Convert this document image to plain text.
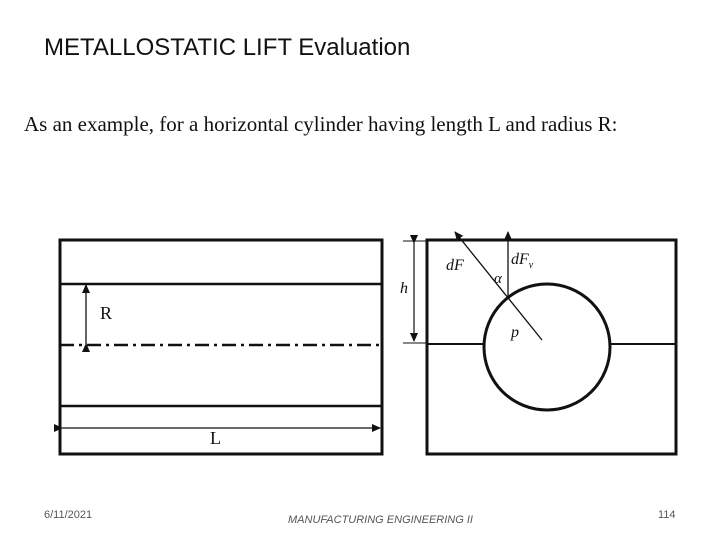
METALLOSTATIC LIFT Evaluation
As an example, for a horizontal cylinder having length L and radius R:
R
L
h
dF	$dF_v$
α
p
6/11/2021	MANUFACTURING ENGINEERING II	114
